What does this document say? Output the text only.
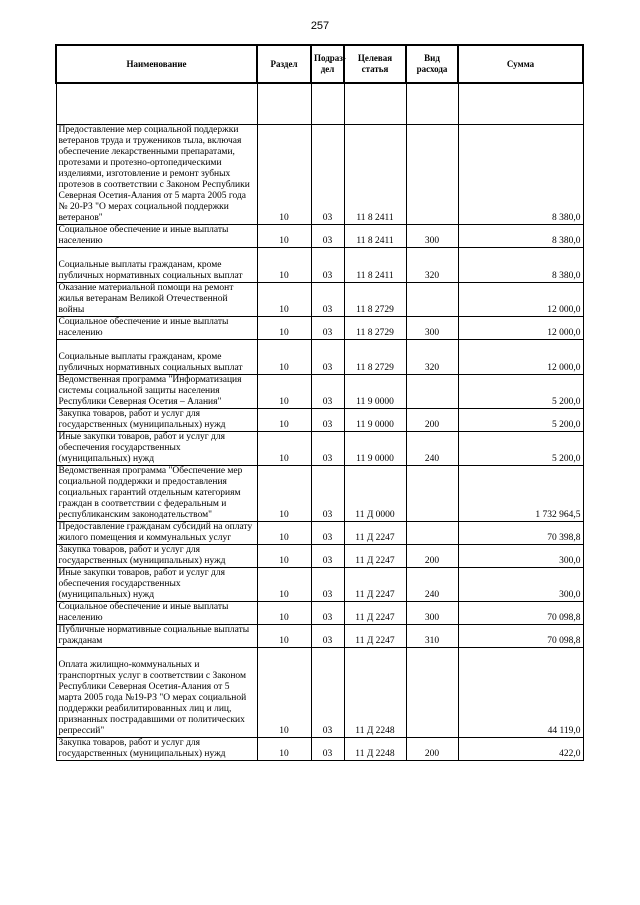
257
Наименование	Раздел	Подраз-дел	Целевая статья	Вид расхода	Сумма

Предоставление мер социальной поддержки ветеранов труда и тружеников тыла, включая обеспечение лекарственными препаратами, протезами и протезно-ортопедическими изделиями, изготовление и ремонт зубных протезов в соответствии с Законом Республики Северная Осетия-Алания от 5 марта 2005 года № 20-РЗ "О мерах социальной поддержки ветеранов"	10	03	11 8 2411		8 380,0
Социальное обеспечение и иные выплаты населению	10	03	11 8 2411	300	8 380,0
Социальные выплаты гражданам, кроме публичных нормативных социальных выплат	10	03	11 8 2411	320	8 380,0
Оказание материальной помощи на ремонт жилья ветеранам Великой Отечественной войны	10	03	11 8 2729		12 000,0
Социальное обеспечение и иные выплаты населению	10	03	11 8 2729	300	12 000,0
Социальные выплаты гражданам, кроме публичных нормативных социальных выплат	10	03	11 8 2729	320	12 000,0
Ведомственная программа "Информатизация системы социальной защиты населения Республики Северная Осетия – Алания"	10	03	11 9 0000		5 200,0
Закупка товаров, работ и услуг для государственных (муниципальных) нужд	10	03	11 9 0000	200	5 200,0
Иные закупки товаров, работ и услуг для обеспечения государственных (муниципальных) нужд	10	03	11 9 0000	240	5 200,0
Ведомственная программа "Обеспечение мер социальной поддержки и предоставления социальных гарантий отдельным категориям граждан в соответствии с федеральным и республиканским законодательством"	10	03	11 Д 0000		1 732 964,5
Предоставление гражданам субсидий на оплату жилого помещения и коммунальных услуг	10	03	11 Д 2247		70 398,8
Закупка товаров, работ и услуг для государственных (муниципальных) нужд	10	03	11 Д 2247	200	300,0
Иные закупки товаров, работ и услуг для обеспечения государственных (муниципальных) нужд	10	03	11 Д 2247	240	300,0
Социальное обеспечение и иные выплаты населению	10	03	11 Д 2247	300	70 098,8
Публичные нормативные социальные выплаты гражданам	10	03	11 Д 2247	310	70 098,8
Оплата жилищно-коммунальных и транспортных услуг в соответствии с Законом Республики Северная Осетия-Алания от 5 марта 2005 года №19-РЗ "О мерах социальной поддержки реабилитированных лиц и лиц, признанных пострадавшими от политических репрессий"	10	03	11 Д 2248		44 119,0
Закупка товаров, работ и услуг для государственных (муниципальных) нужд	10	03	11 Д 2248	200	422,0
